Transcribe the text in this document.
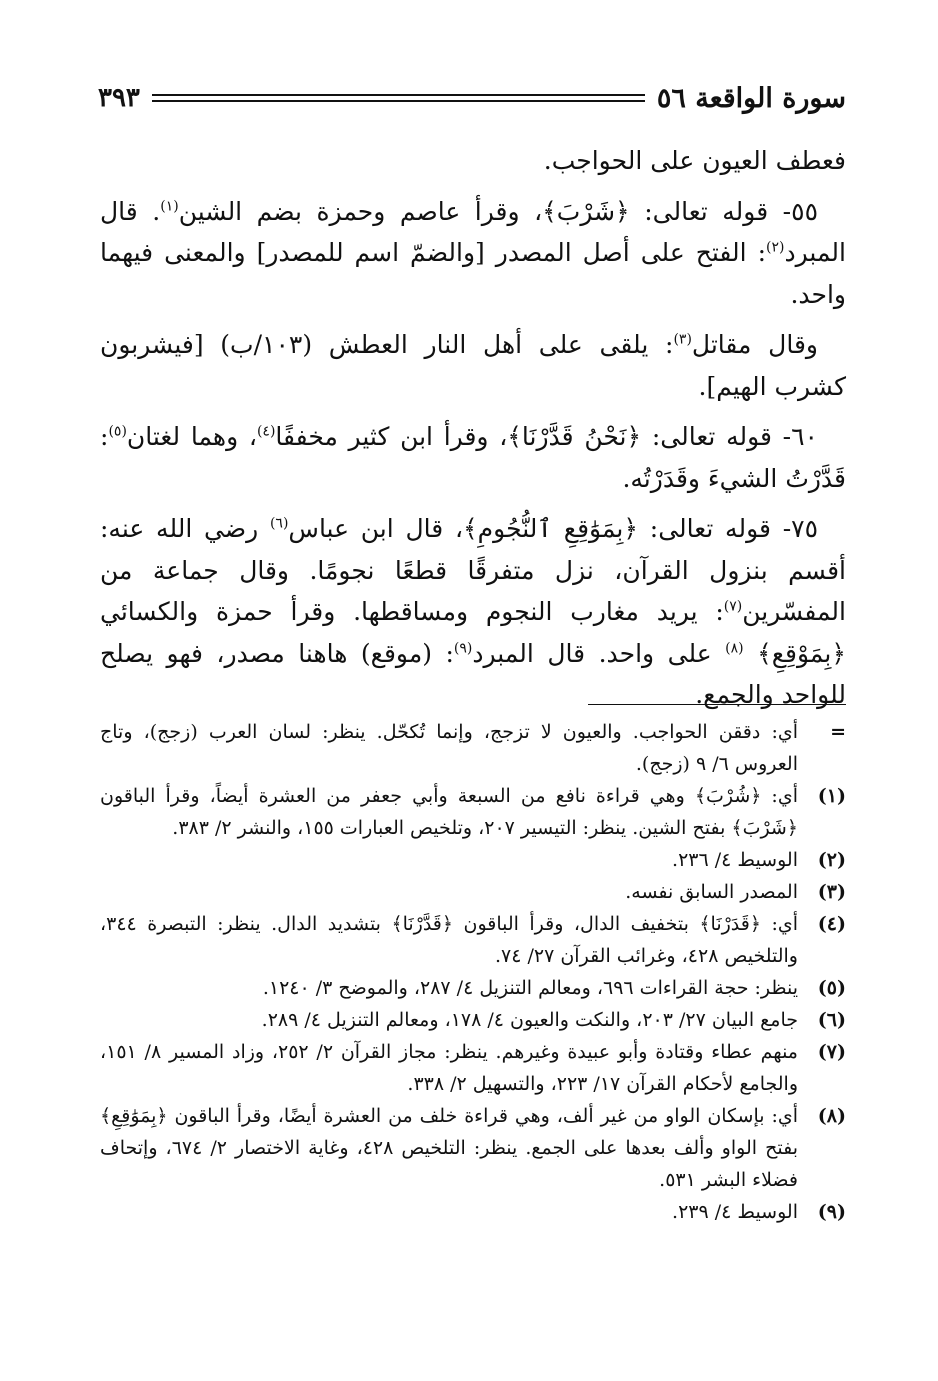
٣٩٣	سورة الواقعة ٥٦

فعطف العيون على الحواجب.

٥٥- قوله تعالى: ﴿شَرْبَ﴾، وقرأ عاصم وحمزة بضم الشين$^{(١)}$. قال المبرد$^{(٢)}$: الفتح على أصل المصدر [والضمّ اسم للمصدر] والمعنى فيهما واحد.

وقال مقاتل$^{(٣)}$: يلقى على أهل النار العطش (١٠٣/ب) [فيشربون كشرب الهيم].

٦٠- قوله تعالى: ﴿نَحْنُ قَدَّرْنَا﴾، وقرأ ابن كثير مخففًا$^{(٤)}$، وهما لغتان$^{(٥)}$: قَدَّرْتُ الشيءَ وقَدَرْتُه.

٧٥- قوله تعالى: ﴿بِمَوَٰقِعِ ٱلنُّجُومِ﴾، قال ابن عباس$^{(٦)}$ رضي الله عنه: أقسم بنزول القرآن، نزل متفرقًا قطعًا نجومًا. وقال جماعة من المفسّرين$^{(٧)}$: يريد مغارب النجوم ومساقطها. وقرأ حمزة والكسائي ﴿بِمَوْقِعِ﴾ $^{(٨)}$ على واحد. قال المبرد$^{(٩)}$: (موقع) هاهنا مصدر، فهو يصلح للواحد والجمع.

=
أي: دققن الحواجب. والعيون لا تزجج، وإنما تُكحّل. ينظر: لسان العرب (زجج)، وتاج العروس ٦/ ٩ (زجج).
(١)
أي: ﴿شُرْبَ﴾ وهي قراءة نافع من السبعة وأبي جعفر من العشرة أيضاً، وقرأ الباقون ﴿شَرْبَ﴾ بفتح الشين. ينظر: التيسير ٢٠٧، وتلخيص العبارات ١٥٥، والنشر ٢/ ٣٨٣.
(٢)
الوسيط ٤/ ٢٣٦.
(٣)
المصدر السابق نفسه.
(٤)
أي: ﴿قَدَرْنَا﴾ بتخفيف الدال، وقرأ الباقون ﴿قَدَّرْنَا﴾ بتشديد الدال. ينظر: التبصرة ٣٤٤، والتلخيص ٤٢٨، وغرائب القرآن ٢٧/ ٧٤.
(٥)
ينظر: حجة القراءات ٦٩٦، ومعالم التنزيل ٤/ ٢٨٧، والموضح ٣/ ١٢٤٠.
(٦)
جامع البيان ٢٧/ ٢٠٣، والنكت والعيون ٤/ ١٧٨، ومعالم التنزيل ٤/ ٢٨٩.
(٧)
منهم عطاء وقتادة وأبو عبيدة وغيرهم. ينظر: مجاز القرآن ٢/ ٢٥٢، وزاد المسير ٨/ ١٥١، والجامع لأحكام القرآن ١٧/ ٢٢٣، والتسهيل ٢/ ٣٣٨.
(٨)
أي: بإسكان الواو من غير ألف، وهي قراءة خلف من العشرة أيضًا، وقرأ الباقون ﴿بِمَوَٰقِعِ﴾ بفتح الواو وألف بعدها على الجمع. ينظر: التلخيص ٤٢٨، وغاية الاختصار ٢/ ٦٧٤، وإتحاف فضلاء البشر ٥٣١.
(٩)
الوسيط ٤/ ٢٣٩.
